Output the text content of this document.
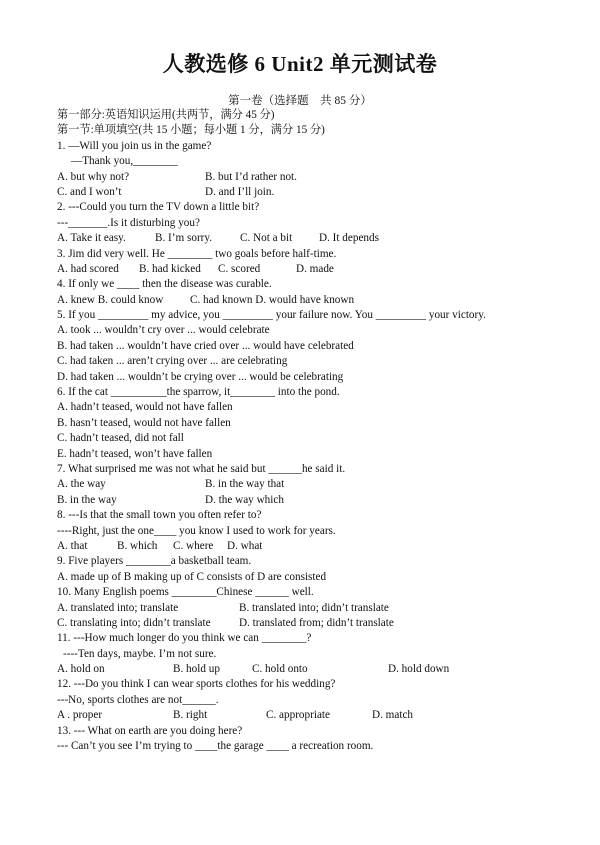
人教选修 6 Unit2 单元测试卷
第一卷（选择题　共 85 分）
第一部分:英语知识运用(共两节，满分 45 分)
第一节:单项填空(共 15 小题；每小题 1 分，满分 15 分)
1. —Will you join us in the game?
—Thank you,________
A. but why not?	B. but I’d rather not.
C. and I won’t	D. and I’ll join.
2. ---Could you turn the TV down a little bit?
---_______.Is it disturbing you?
A. Take it easy.	B. I’m sorry. C. Not a bit D. It depends
3. Jim did very well. He ________ two goals before half-time.
A. had scored B. had kicked C. scored	D. made
4. If only we ____ then the disease was curable.
A. knew B. could know C. had known D. would have known
5. If you _________ my advice, you _________ your failure now. You _________ your victory.
A. took ... wouldn’t cry over ... would celebrate
B. had taken ... wouldn’t have cried over ... would have celebrated
C. had taken ... aren’t crying over ... are celebrating
D. had taken ... wouldn’t be crying over ... would be celebrating
6. If the cat __________the sparrow, it________ into the pond.
A. hadn’t teased, would not have fallen
B. hasn’t teased, would not have fallen
C. hadn’t teased, did not fall
E. hadn’t teased, won’t have fallen
7. What surprised me was not what he said but ______he said it.
A. the way	B. in the way that
B. in the way	D. the way which
8. ---Is that the small town you often refer to?
----Right, just the one____ you know I used to work for years.
A. that	B. which C. where D. what
9. Five players ________a basketball team.
A. made up of B making up of C consists of D are consisted
10. Many English poems ________Chinese ______ well.
A. translated into; translate	B. translated into; didn’t translate
C. translating into; didn’t translate	D. translated from; didn’t translate
11. ---How much longer do you think we can ________?
----Ten days, maybe. I’m not sure.
A. hold on	B. hold up	C. hold onto	D. hold down
12. ---Do you think I can wear sports clothes for his wedding?
---No, sports clothes are not______.
A . proper	B. right	C. appropriate	D. match
13. --- What on earth are you doing here?
--- Can’t you see I’m trying to ____the garage ____ a recreation room.
